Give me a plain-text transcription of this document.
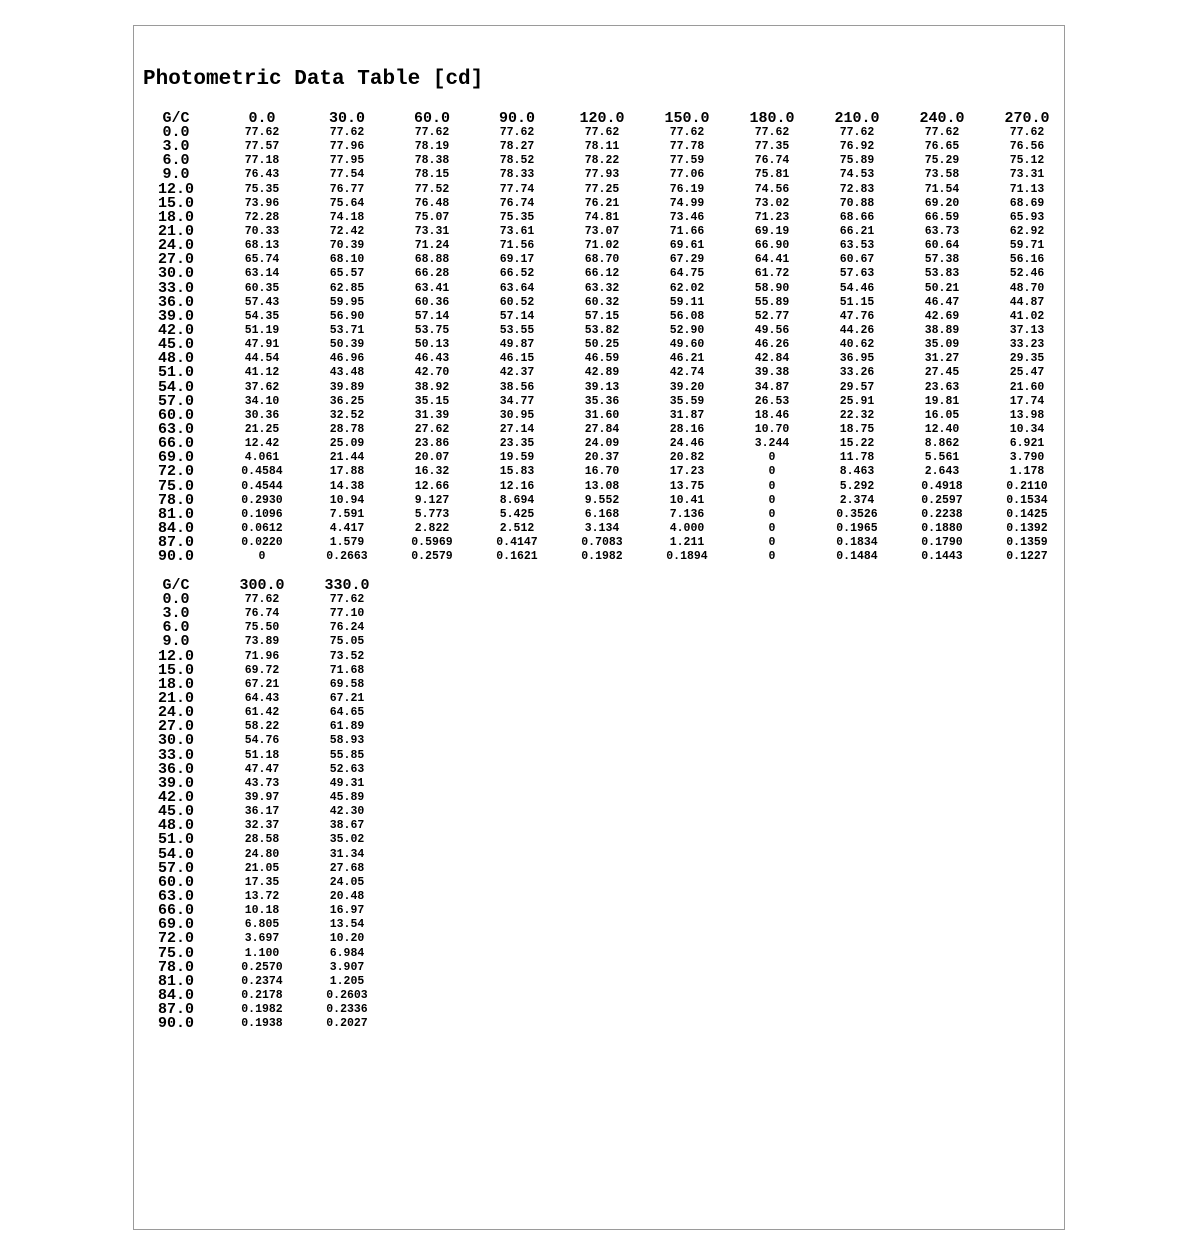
Photometric Data Table [cd]
G/C
0.0
3.0
6.0
9.0
12.0
15.0
18.0
21.0
24.0
27.0
30.0
33.0
36.0
39.0
42.0
45.0
48.0
51.0
54.0
57.0
60.0
63.0
66.0
69.0
72.0
75.0
78.0
81.0
84.0
87.0
90.0
0.0
77.62
77.57
77.18
76.43
75.35
73.96
72.28
70.33
68.13
65.74
63.14
60.35
57.43
54.35
51.19
47.91
44.54
41.12
37.62
34.10
30.36
21.25
12.42
4.061
0.4584
0.4544
0.2930
0.1096
0.0612
0.0220
0
30.0
77.62
77.96
77.95
77.54
76.77
75.64
74.18
72.42
70.39
68.10
65.57
62.85
59.95
56.90
53.71
50.39
46.96
43.48
39.89
36.25
32.52
28.78
25.09
21.44
17.88
14.38
10.94
7.591
4.417
1.579
0.2663
60.0
77.62
78.19
78.38
78.15
77.52
76.48
75.07
73.31
71.24
68.88
66.28
63.41
60.36
57.14
53.75
50.13
46.43
42.70
38.92
35.15
31.39
27.62
23.86
20.07
16.32
12.66
9.127
5.773
2.822
0.5969
0.2579
90.0
77.62
78.27
78.52
78.33
77.74
76.74
75.35
73.61
71.56
69.17
66.52
63.64
60.52
57.14
53.55
49.87
46.15
42.37
38.56
34.77
30.95
27.14
23.35
19.59
15.83
12.16
8.694
5.425
2.512
0.4147
0.1621
120.0
77.62
78.11
78.22
77.93
77.25
76.21
74.81
73.07
71.02
68.70
66.12
63.32
60.32
57.15
53.82
50.25
46.59
42.89
39.13
35.36
31.60
27.84
24.09
20.37
16.70
13.08
9.552
6.168
3.134
0.7083
0.1982
150.0
77.62
77.78
77.59
77.06
76.19
74.99
73.46
71.66
69.61
67.29
64.75
62.02
59.11
56.08
52.90
49.60
46.21
42.74
39.20
35.59
31.87
28.16
24.46
20.82
17.23
13.75
10.41
7.136
4.000
1.211
0.1894
180.0
77.62
77.35
76.74
75.81
74.56
73.02
71.23
69.19
66.90
64.41
61.72
58.90
55.89
52.77
49.56
46.26
42.84
39.38
34.87
26.53
18.46
10.70
3.244
0
0
0
0
0
0
0
0
210.0
77.62
76.92
75.89
74.53
72.83
70.88
68.66
66.21
63.53
60.67
57.63
54.46
51.15
47.76
44.26
40.62
36.95
33.26
29.57
25.91
22.32
18.75
15.22
11.78
8.463
5.292
2.374
0.3526
0.1965
0.1834
0.1484
240.0
77.62
76.65
75.29
73.58
71.54
69.20
66.59
63.73
60.64
57.38
53.83
50.21
46.47
42.69
38.89
35.09
31.27
27.45
23.63
19.81
16.05
12.40
8.862
5.561
2.643
0.4918
0.2597
0.2238
0.1880
0.1790
0.1443
270.0
77.62
76.56
75.12
73.31
71.13
68.69
65.93
62.92
59.71
56.16
52.46
48.70
44.87
41.02
37.13
33.23
29.35
25.47
21.60
17.74
13.98
10.34
6.921
3.790
1.178
0.2110
0.1534
0.1425
0.1392
0.1359
0.1227
G/C
0.0
3.0
6.0
9.0
12.0
15.0
18.0
21.0
24.0
27.0
30.0
33.0
36.0
39.0
42.0
45.0
48.0
51.0
54.0
57.0
60.0
63.0
66.0
69.0
72.0
75.0
78.0
81.0
84.0
87.0
90.0
300.0
77.62
76.74
75.50
73.89
71.96
69.72
67.21
64.43
61.42
58.22
54.76
51.18
47.47
43.73
39.97
36.17
32.37
28.58
24.80
21.05
17.35
13.72
10.18
6.805
3.697
1.100
0.2570
0.2374
0.2178
0.1982
0.1938
330.0
77.62
77.10
76.24
75.05
73.52
71.68
69.58
67.21
64.65
61.89
58.93
55.85
52.63
49.31
45.89
42.30
38.67
35.02
31.34
27.68
24.05
20.48
16.97
13.54
10.20
6.984
3.907
1.205
0.2603
0.2336
0.2027
